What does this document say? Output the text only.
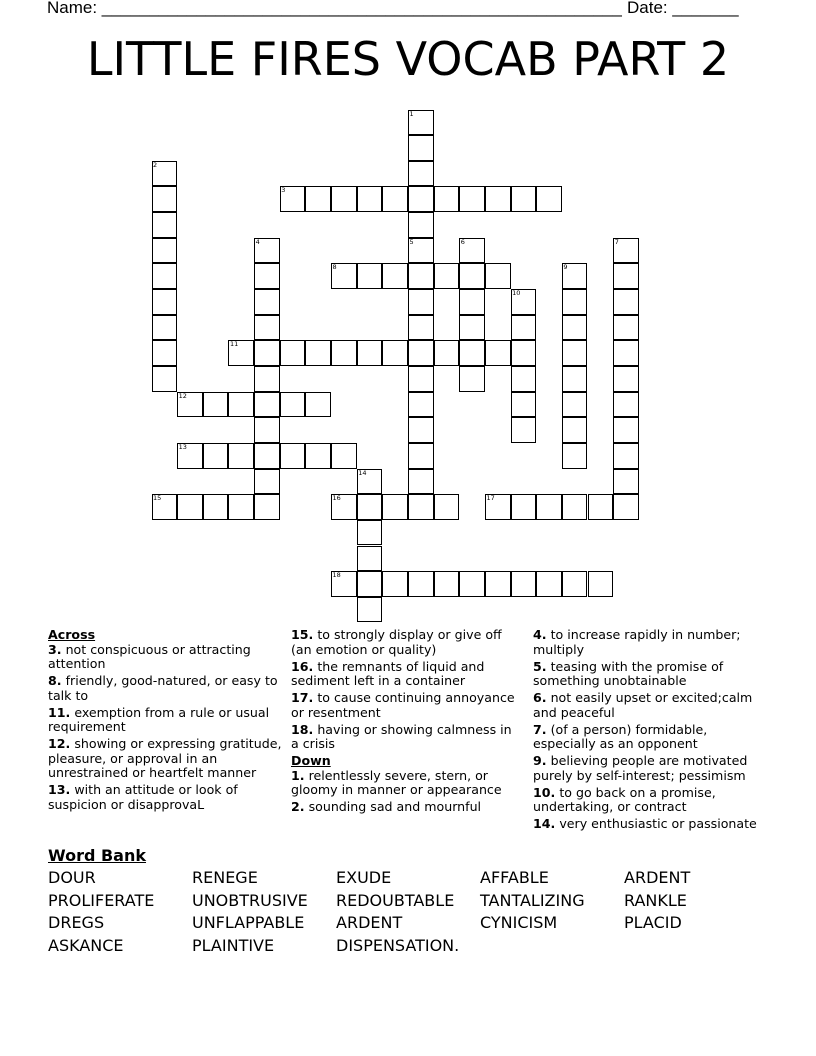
Name: _______________________________________________________ Date: _______
LITTLE FIRES VOCAB PART 2
1
5
2
3
4	6	7
8	9
10
11
12
13
14
15	16	17
18
Across
3. not conspicuous or attracting attention
8. friendly, good-natured, or easy to talk to
11. exemption from a rule or usual requirement
12. showing or expressing gratitude, pleasure, or approval in an unrestrained or heartfelt manner
13. with an attitude or look of suspicion or disapprovaL
15. to strongly display or give off (an emotion or quality)
16. the remnants of liquid and sediment left in a container
17. to cause continuing annoyance or resentment
18. having or showing calmness in a crisis
Down
1. relentlessly severe, stern, or gloomy in manner or appearance
2. sounding sad and mournful
4. to increase rapidly in number; multiply
5. teasing with the promise of something unobtainable
6. not easily upset or excited;calm and peaceful
7. (of a person) formidable, especially as an opponent
9. believing people are motivated purely by self-interest; pessimism
10. to go back on a promise, undertaking, or contract
14. very enthusiastic or passionate
Word Bank
DOUR	RENEGE	EXUDE	AFFABLE	ARDENT
PROLIFERATE	UNOBTRUSIVE	REDOUBTABLE	TANTALIZING	RANKLE
DREGS	UNFLAPPABLE	ARDENT	CYNICISM	PLACID
ASKANCE	PLAINTIVE	DISPENSATION.
